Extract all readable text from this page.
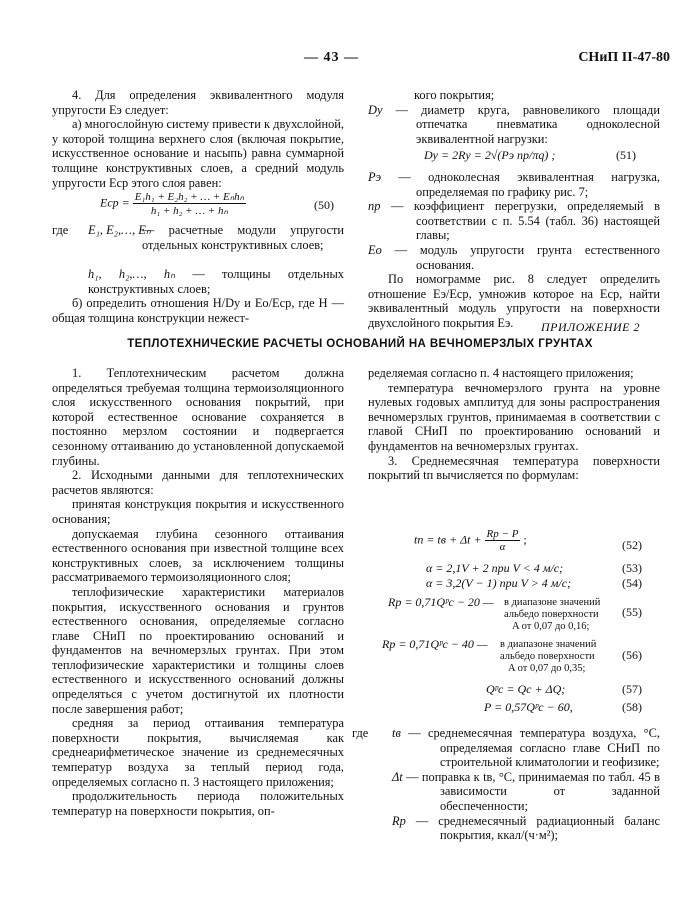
— 43 —	СНиП II-47-80

4. Для определения эквивалентного модуля упругости Eэ следует:

а) многослойную систему привести к двухслойной, у которой толщина верхнего слоя (включая покрытие, искусственное основание и насыпь) равна суммарной толщине конструктивных слоев, а средний модуль упругости Eср этого слоя равен:

Eср = $\frac{\text{E₁h₁ + E₂h₂ + … + Eₙhₙ}}{\text{h₁ + h₂ + … + hₙ}}$	(50)

где E₁, E₂,…, Eₙ

— расчетные модули упругости отдельных конструктивных слоев;

h₁, h₂,…, hₙ — толщины отдельных конструктивных слоев;

б) определить отношения H/Dу и Eо/Eср, где H — общая толщина конструкции нежест-

кого покрытия;

Dу — диаметр круга, равновеликого площади отпечатка пневматика одноколесной эквивалентной нагрузки:

Dу = 2Rу = 2√(Pэ nр/πq) ;	(51)

Pэ — одноколесная эквивалентная нагрузка, определяемая по графику рис. 7;

nр — коэффициент перегрузки, определяемый в соответствии с п. 5.54 (табл. 36) настоящей главы;

Eо — модуль упругости грунта естественного основания.

По номограмме рис. 8 следует определить отношение Eэ/Eср, умножив которое на Eср, найти эквивалентный модуль упругости на поверхности двухслойного покрытия Eэ.	ПРИЛОЖЕНИЕ 2
ТЕПЛОТЕХНИЧЕСКИЕ РАСЧЕТЫ ОСНОВАНИЙ НА ВЕЧНОМЕРЗЛЫХ ГРУНТАХ

1. Теплотехническим расчетом должна определяться требуемая толщина термоизоляционного слоя искусственного основания покрытий, при которой естественное основание сохраняется в постоянно мерзлом состоянии и подвергается сезонному оттаиванию до установленной допускаемой глубины.

2. Исходными данными для теплотехнических расчетов являются:

принятая конструкция покрытия и искусственного основания;

допускаемая глубина сезонного оттаивания естественного основания при известной толщине всех конструктивных слоев, за исключением толщины рассматриваемого термоизоляционного слоя;

теплофизические характеристики материалов покрытия, искусственного основания и грунтов естественного основания, определяемые согласно главе СНиП по проектированию оснований и фундаментов на вечномерзлых грунтах. При этом теплофизические характеристики и толщины слоев естественного и искусственного оснований должны определяться с учетом достигнутой их плотности после завершения работ;

средняя за период оттаивания температура поверхности покрытия, вычисляемая как среднеарифметическое значение из среднемесячных температур воздуха за теплый период года, определяемых согласно п. 3 настоящего приложения;

продолжительность периода положительных температур на поверхности покрытия, оп-

ределяемая согласно п. 4 настоящего приложения;

температура вечномерзлого грунта на уровне нулевых годовых амплитуд для зоны распространения вечномерзлых грунтов, принимаемая в соответствии с главой СНиП по проектированию оснований и фундаментов на вечномерзлых грунтах.

3. Среднемесячная температура поверхности покрытий tп вычисляется по формулам:

tп = tв + $\Delta t + \frac{Rр - P}{\alpha}$ ;	(52)
α = 2,1V + 2 при V < 4 м/с;	(53)
α = 3,2(V − 1) при V > 4 м/с;	(54)
Rр = 0,71Qᵖс − 20 — в диапазоне значений
альбедо поверхности
A от 0,07 до 0,16;
(55)
Rр = 0,71Qᵖс − 40 — в диапазоне значений
альбедо поверхности
A от 0,07 до 0,35;
(56)
Qᵖс = Qс + ΔQ;	(57)
P = 0,57Qᵖс − 60,	(58)
где	tв — среднемесячная температура воздуха, °С, определяемая согласно главе СНиП по строительной климатологии и геофизике;

Δt — поправка к tв, °С, принимаемая по табл. 45 в зависимости от заданной обеспеченности;

Rр — среднемесячный радиационный баланс покрытия, ккал/(ч·м²);
